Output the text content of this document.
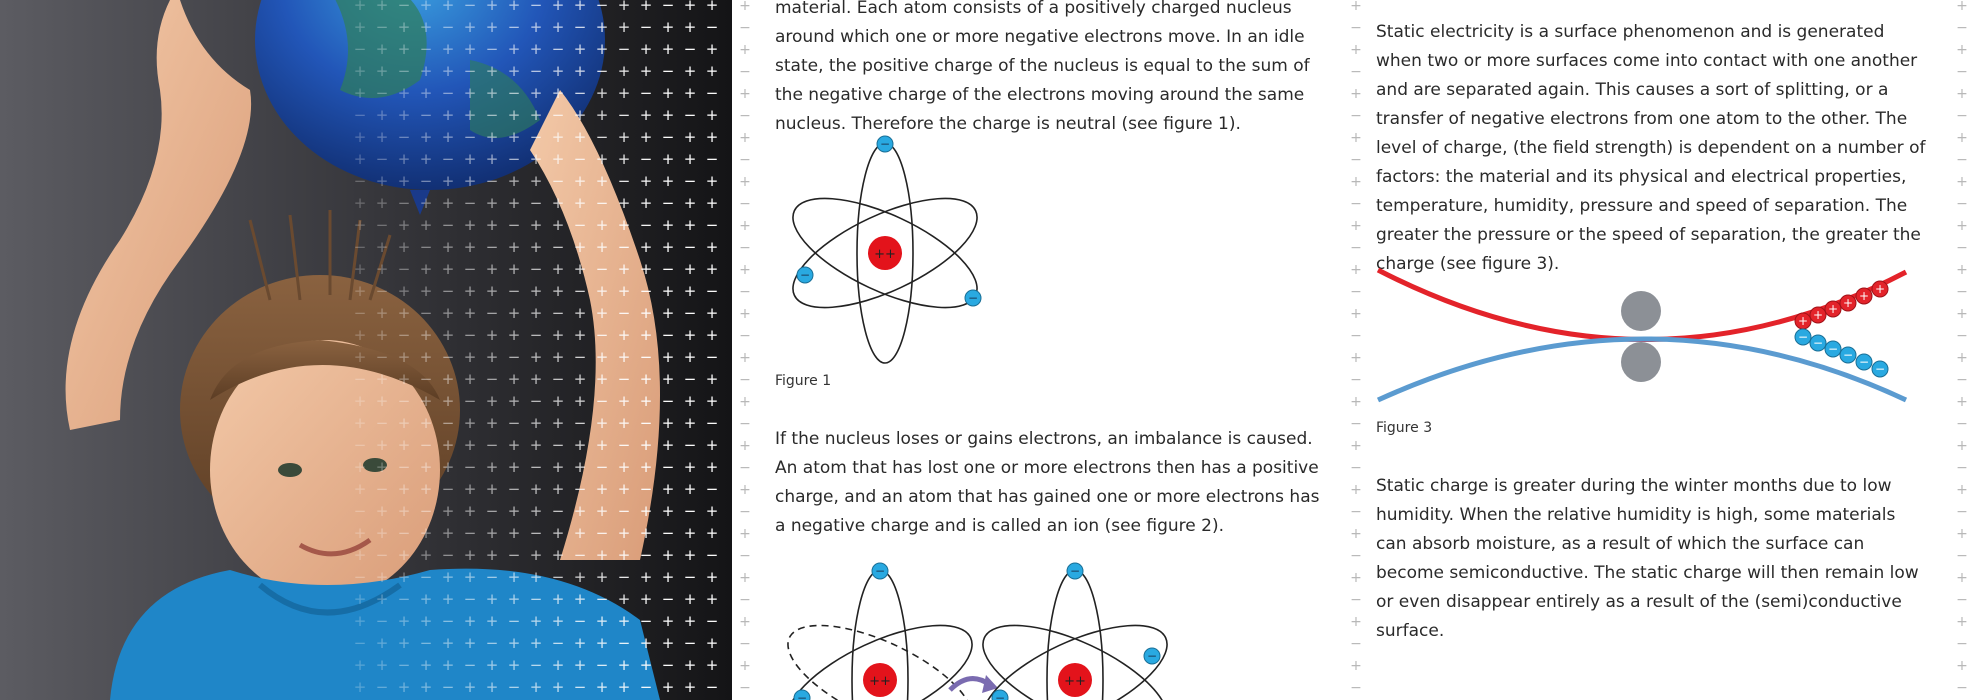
+
+
−
+
+
−
+
+
−
+
+
−
+
+
−
+
+
−
+
+
−
+
+
−
+
+
−
+
+
−
+
+
+
−
+
+
−
+
+
−
+
+
−
+
+
−
+
+
−
+
+
−
+
+
−
+
+
−
+
+
−
+
+
−
−
+
+
−
+
+
−
+
+
−
+
+
−
+
+
−
+
+
−
+
+
−
+
+
−
+
+
−
+
+
−
+
+
+
−
+
+
−
+
+
−
+
+
−
+
+
−
+
+
−
+
+
−
+
+
−
+
+
−
+
+
−
+
+
+
−
+
+
−
+
+
−
+
+
−
+
+
−
+
+
−
+
+
−
+
+
−
+
+
−
+
+
−
+
+
−
−
+
+
−
+
+
−
+
+
−
+
+
−
+
+
−
+
+
−
+
+
−
+
+
−
+
+
−
+
+
−
+
+
+
−
+
+
−
+
+
−
+
+
−
+
+
−
+
+
−
+
+
−
+
+
−
+
+
−
+
+
−
+
+
+
−
+
+
−
+
+
−
+
+
−
+
+
−
+
+
−
+
+
−
+
+
−
+
+
−
+
+
−
+
+
−
−
+
+
−
+
+
−
+
+
−
+
+
−
+
+
−
+
+
−
+
+
−
+
+
−
+
+
−
+
+
−
+
+
+
−
+
+
−
+
+
−
+
+
−
+
+
−
+
+
−
+
+
−
+
+
−
+
+
−
+
+
−
+
+
+
−
+
+
−
+
+
−
+
+
−
+
+
−
+
+
−
+
+
−
+
+
−
+
+
−
+
+
−
+
+
−
−
+
+
−
+
+
−
+
+
−
+
+
−
+
+
−
+
+
−
+
+
−
+
+
−
+
+
−
+
+
−
+
+
+
−
+
+
−
+
+
−
+
+
−
+
+
−
+
+
−
+
+
−
+
+
−
+
+
−
+
+
−
+
+
+
−
+
+
−
+
+
−
+
+
−
+
+
−
+
+
−
+
+
−
+
+
−
+
+
−
+
+
−
+
+
−
−
+
+
−
+
+
−
+
+
−
+
+
−
+
+
−
+
+
−
+
+
−
+
+
−
+
+
−
+
+
−
+
+
+
−
+
+
−
+
+
−
+
+
−
+
+
−
+
+
−
+
+
−
+
+
−
+
+
−
+
+
−
+
+
+
−
+
+
−
+
+
−
+
+
−
+
+
−
+
+
−
+
+
−
+
+
−
+
+
−
+
+
−
+
+
−
+
−
+
−
+
−
+
−
+
−
+
−
+
−
+
−
+
−
+
−
+
−
+
−
+
−
+
−
+
−
+
−

material. Each atom consists of a positively charged nucleus around which one or more negative electrons move. In an idle state, the positive charge of the nucleus is equal to the sum of the negative charge of the electrons moving around the same nucleus. Therefore the charge is neutral (see figure 1).

++
−
−
−
Figure 1

If the nucleus loses or gains electrons, an imbalance is caused. An atom that has lost one or more electrons then has a positive charge, and an atom that has gained one or more electrons has a negative charge and is called an ion (see figure 2).

++
−
−
++
−
−
−
+
−
+
−
+
−
+
−
+
−
+
−
+
−
+
−
+
−
+
−
+
−
+
−
+
−
+
−
+
−
+
−

Static electricity is a surface phenomenon and is generated when two or more surfaces come into contact with one another and are separated again. This causes a sort of splitting, or a transfer of negative electrons from one atom to the other. The level of charge, (the field strength) is dependent on a number of factors: the material and its physical and electrical properties, temperature, humidity, pressure and speed of separation. The greater the pressure or the speed of separation, the greater the charge (see figure 3).

+ + + + + +
− − − − − −
Figure 3

Static charge is greater during the winter months due to low humidity. When the relative humidity is high, some materials can absorb moisture, as a result of which the surface can become semiconductive. The static charge will then remain low or even disappear entirely as a result of the (semi)conductive surface.

+
−
+
−
+
−
+
−
+
−
+
−
+
−
+
−
+
−
+
−
+
−
+
−
+
−
+
−
+
−
+
−
